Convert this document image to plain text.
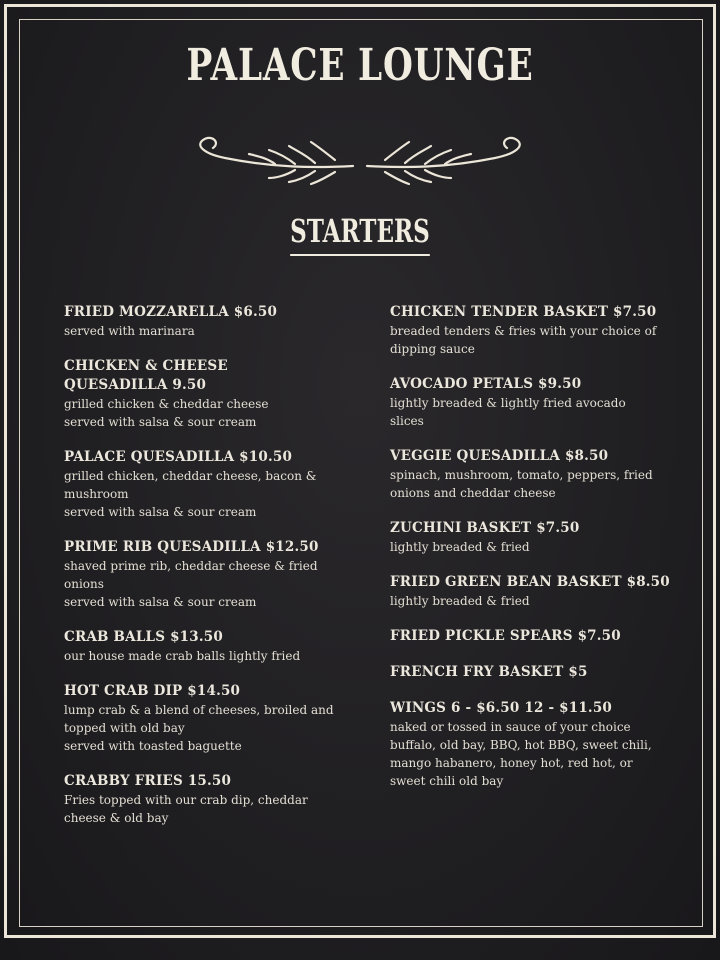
PALACE LOUNGE
STARTERS
FRIED MOZZARELLA $6.50
served with marinara
CHICKEN & CHEESE
QUESADILLA 9.50
grilled chicken & cheddar cheese
served with salsa & sour cream
PALACE QUESADILLA $10.50
grilled chicken, cheddar cheese, bacon &
mushroom
served with salsa & sour cream
PRIME RIB QUESADILLA $12.50
shaved prime rib, cheddar cheese & fried
onions
served with salsa & sour cream
CRAB BALLS $13.50
our house made crab balls lightly fried
HOT CRAB DIP $14.50
lump crab & a blend of cheeses, broiled and
topped with old bay
served with toasted baguette
CRABBY FRIES 15.50
Fries topped with our crab dip, cheddar
cheese & old bay
CHICKEN TENDER BASKET $7.50
breaded tenders & fries with your choice of
dipping sauce
AVOCADO PETALS $9.50
lightly breaded & lightly fried avocado
slices
VEGGIE QUESADILLA $8.50
spinach, mushroom, tomato, peppers, fried
onions and cheddar cheese
ZUCHINI BASKET $7.50
lightly breaded & fried
FRIED GREEN BEAN BASKET $8.50
lightly breaded & fried
FRIED PICKLE SPEARS $7.50
FRENCH FRY BASKET $5
WINGS 6 - $6.50 12 - $11.50
naked or tossed in sauce of your choice
buffalo, old bay, BBQ, hot BBQ, sweet chili,
mango habanero, honey hot, red hot, or
sweet chili old bay
